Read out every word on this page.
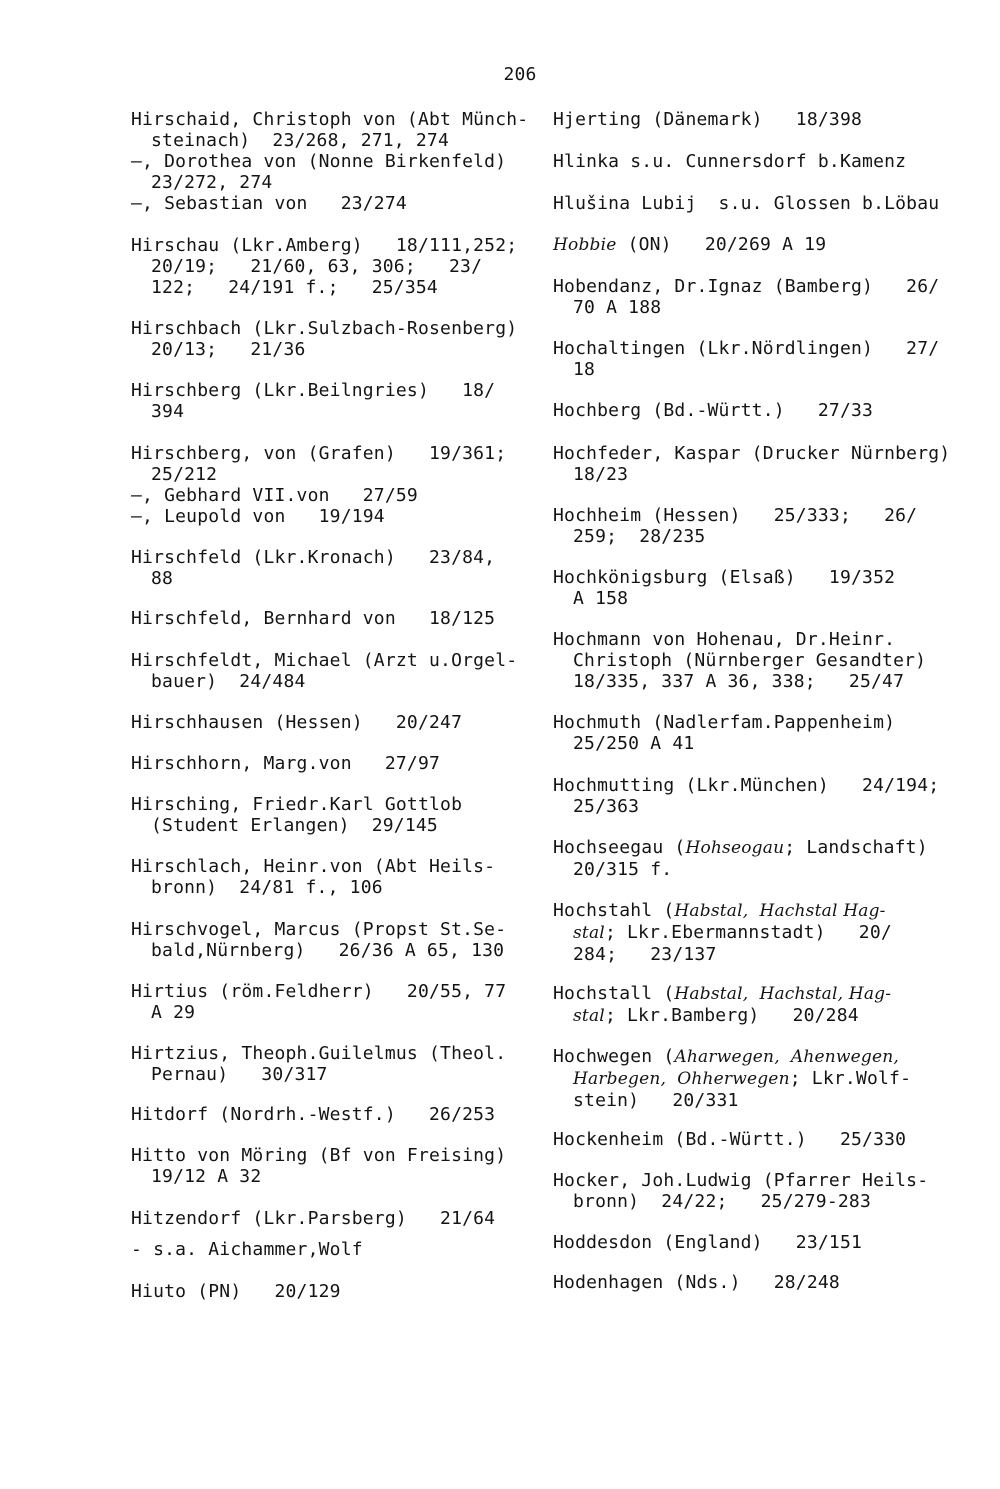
206
Hirschaid, Christoph von (Abt Münch-
steinach)  23/268, 271, 274
—, Dorothea von (Nonne Birkenfeld)
23/272, 274
—, Sebastian von   23/274
Hirschau (Lkr.Amberg)   18/111,252;
20/19;   21/60, 63, 306;   23/
122;   24/191 f.;   25/354
Hirschbach (Lkr.Sulzbach-Rosenberg)
20/13;   21/36
Hirschberg (Lkr.Beilngries)   18/
394
Hirschberg, von (Grafen)   19/361;
25/212
—, Gebhard VII.von   27/59
—, Leupold von   19/194
Hirschfeld (Lkr.Kronach)   23/84,
88
Hirschfeld, Bernhard von   18/125
Hirschfeldt, Michael (Arzt u.Orgel-
bauer)  24/484
Hirschhausen (Hessen)   20/247
Hirschhorn, Marg.von   27/97
Hirsching, Friedr.Karl Gottlob
(Student Erlangen)  29/145
Hirschlach, Heinr.von (Abt Heils-
bronn)  24/81 f., 106
Hirschvogel, Marcus (Propst St.Se-
bald,Nürnberg)   26/36 A 65, 130
Hirtius (röm.Feldherr)   20/55, 77
A 29
Hirtzius, Theoph.Guilelmus (Theol.
Pernau)   30/317
Hitdorf (Nordrh.-Westf.)   26/253
Hitto von Möring (Bf von Freising)
19/12 A 32
Hitzendorf (Lkr.Parsberg)   21/64
- s.a. Aichammer,Wolf
Hiuto (PN)   20/129
Hjerting (Dänemark)   18/398
Hlinka s.u. Cunnersdorf b.Kamenz
Hlušina Lubij  s.u. Glossen b.Löbau
Hobbie (ON)   20/269 A 19
Hobendanz, Dr.Ignaz (Bamberg)   26/
70 A 188
Hochaltingen (Lkr.Nördlingen)   27/
18
Hochberg (Bd.-Württ.)   27/33
Hochfeder, Kaspar (Drucker Nürnberg)
18/23
Hochheim (Hessen)   25/333;   26/
259;  28/235
Hochkönigsburg (Elsaß)   19/352
A 158
Hochmann von Hohenau, Dr.Heinr.
Christoph (Nürnberger Gesandter)
18/335, 337 A 36, 338;   25/47
Hochmuth (Nadlerfam.Pappenheim)
25/250 A 41
Hochmutting (Lkr.München)   24/194;
25/363
Hochseegau (Hohseogau; Landschaft)
20/315 f.
Hochstahl (Habstal, Hachstal Hag-
stal; Lkr.Ebermannstadt)   20/
284;   23/137
Hochstall (Habstal, Hachstal, Hag-
stal; Lkr.Bamberg)   20/284
Hochwegen (Aharwegen, Ahenwegen,
Harbegen, Ohherwegen; Lkr.Wolf-
stein)   20/331
Hockenheim (Bd.-Württ.)   25/330
Hocker, Joh.Ludwig (Pfarrer Heils-
bronn)  24/22;   25/279-283
Hoddesdon (England)   23/151
Hodenhagen (Nds.)   28/248
